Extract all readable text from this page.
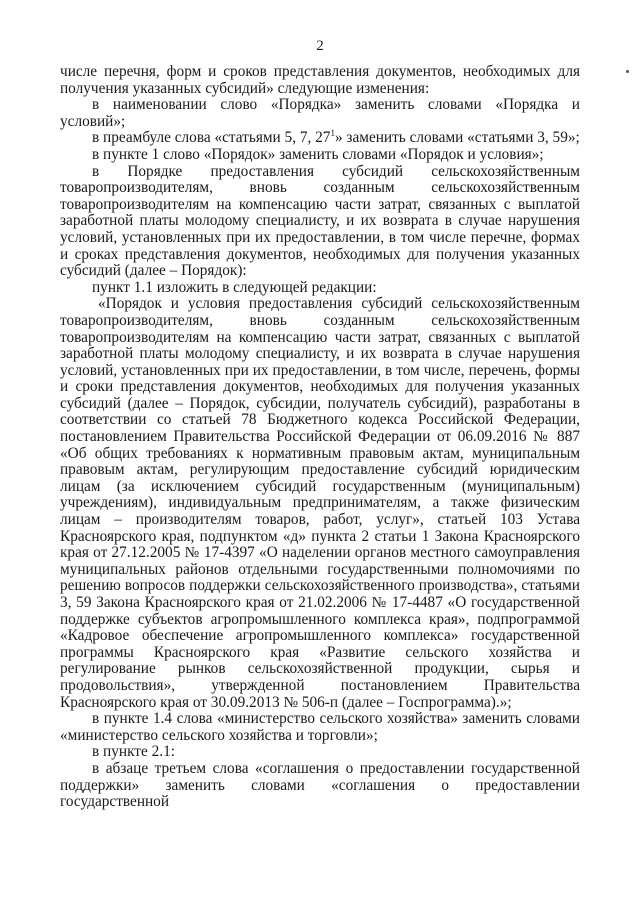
2

числе перечня, форм и сроков представления документов, необходимых для получения указанных субсидий» следующие изменения:

в наименовании слово «Порядка» заменить словами «Порядка и условий»;

в преамбуле слова «статьями 5, 7, $27^1$» заменить словами «статьями 3, 59»;

в пункте 1 слово «Порядок» заменить словами «Порядок и условия»;

в Порядке предоставления субсидий сельскохозяйственным товаропроизводителям, вновь созданным сельскохозяйственным товаропроизводителям на компенсацию части затрат, связанных с выплатой заработной платы молодому специалисту, и их возврата в случае нарушения условий, установленных при их предоставлении, в том числе перечне, формах и сроках представления документов, необходимых для получения указанных субсидий (далее – Порядок):

пункт 1.1 изложить в следующей редакции:

«Порядок и условия предоставления субсидий сельскохозяйственным товаропроизводителям, вновь созданным сельскохозяйственным товаропроизводителям на компенсацию части затрат, связанных с выплатой заработной платы молодому специалисту, и их возврата в случае нарушения условий, установленных при их предоставлении, в том числе, перечень, формы и сроки представления документов, необходимых для получения указанных субсидий (далее – Порядок, субсидии, получатель субсидий), разработаны в соответствии со статьей 78 Бюджетного кодекса Российской Федерации, постановлением Правительства Российской Федерации от 06.09.2016 № 887 «Об общих требованиях к нормативным правовым актам, муниципальным правовым актам, регулирующим предоставление субсидий юридическим лицам (за исключением субсидий государственным (муниципальным) учреждениям), индивидуальным предпринимателям, а также физическим лицам – производителям товаров, работ, услуг», статьей 103 Устава Красноярского края, подпунктом «д» пункта 2 статьи 1 Закона Красноярского края от 27.12.2005 № 17-4397 «О наделении органов местного самоуправления муниципальных районов отдельными государственными полномочиями по решению вопросов поддержки сельскохозяйственного производства», статьями 3, 59 Закона Красноярского края от 21.02.2006 № 17-4487 «О государственной поддержке субъектов агропромышленного комплекса края», подпрограммой «Кадровое обеспечение агропромышленного комплекса» государственной программы Красноярского края «Развитие сельского хозяйства и регулирование рынков сельскохозяйственной продукции, сырья и продовольствия», утвержденной постановлением Правительства Красноярского края от 30.09.2013 № 506-п (далее – Госпрограмма).»;

в пункте 1.4 слова «министерство сельского хозяйства» заменить словами «министерство сельского хозяйства и торговли»;

в пункте 2.1:

в абзаце третьем слова «соглашения о предоставлении государственной поддержки» заменить словами «соглашения о предоставлении государственной
